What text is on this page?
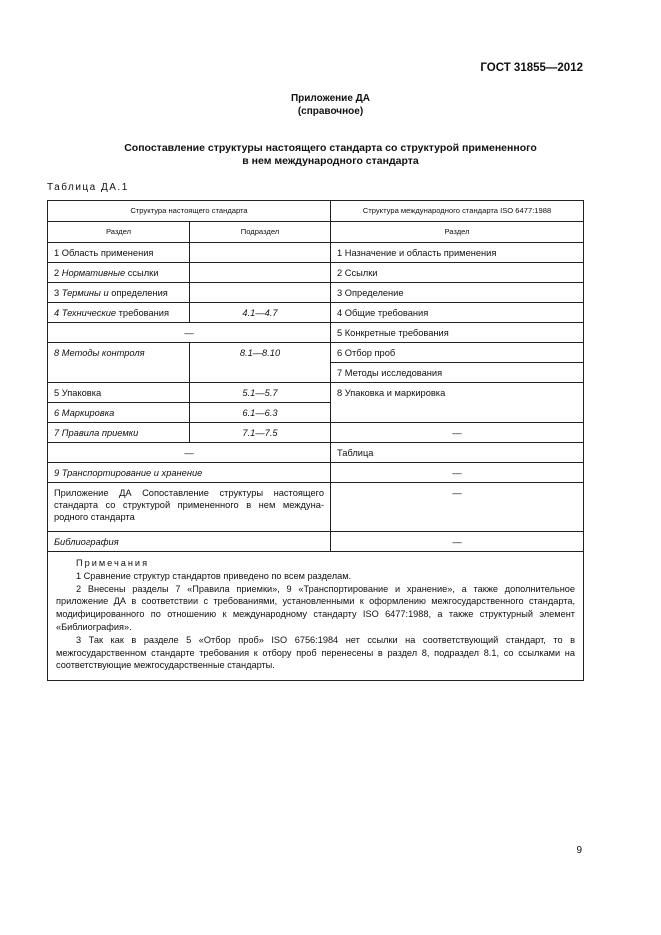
ГОСТ 31855—2012
Приложение ДА
(справочное)
Сопоставление структуры настоящего стандарта со структурой примененного
в нем международного стандарта
Таблица ДА.1
Структура настоящего стандарта		Структура международного стандарта ISO 6477:1988
Раздел	Подраздел	Раздел
1 Область применения		1 Назначение и область применения
2 Нормативные ссылки		2 Ссылки
3 Термины и определения		3 Определение
4 Технические требования	4.1—4.7	4 Общие требования
—		5 Конкретные требования
8 Методы контроля	8.1—8.10	6 Отбор проб
		7 Методы исследования
5 Упаковка	5.1—5.7	8 Упаковка и маркировка
6 Маркировка	6.1—6.3	
7 Правила приемки	7.1—7.5	—
—		Таблица
9 Транспортирование и хранение		—
Приложение ДА Сопоставление структуры настоящего стандарта со структурой примененного в нем междуна-родного стандарта		—
Библиография		—

Примечания

1 Сравнение структур стандартов приведено по всем разделам.

2 Внесены разделы 7 «Правила приемки», 9 «Транспортирование и хранение», а также дополнительное приложение ДА в соответствии с требованиями, установленными к оформлению межгосударственного стандарта, модифицированного по отношению к международному стандарту ISO 6477:1988, а также структурный элемент «Библиография».

3 Так как в разделе 5 «Отбор проб» ISO 6756:1984 нет ссылки на соответствующий стандарт, то в межгосударственном стандарте требования к отбору проб перенесены в раздел 8, подраздел 8.1, со ссылками на соответствующие межгосударственные стандарты.		

9
